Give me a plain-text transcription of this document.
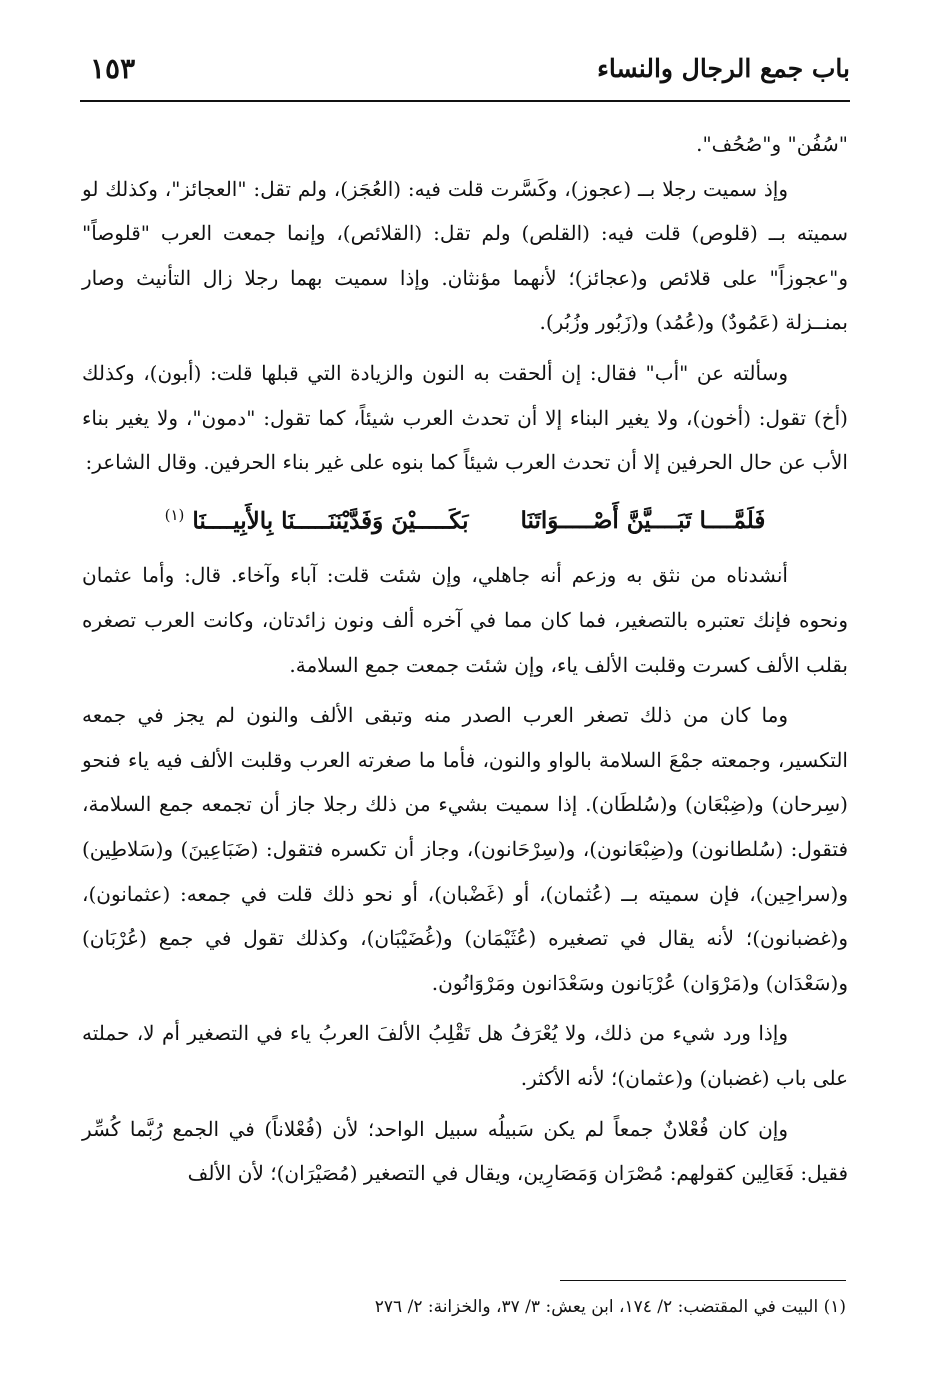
باب جمع الرجال والنساء
١٥٣

"سُفُن" و"صُحُف".

وإذ سميت رجلا بــ (عجوز)، وكَسَّرت قلت فيه: (العُجَز)، ولم تقل: "العجائز"، وكذلك لو سميته بــ (قلوص) قلت فيه: (القلص) ولم تقل: (القلائص)، وإنما جمعت العرب "قلوصاً" و"عجوزاً" على قلائص و(عجائز)؛ لأنهما مؤنثان. وإذا سميت بهما رجلا زال التأنيث وصار بمنــزلة (عَمُودٌ) و(عُمُد) و(زَبُور وزُبُر).

وسألته عن "أب" فقال: إن ألحقت به النون والزيادة التي قبلها قلت: (أبون)، وكذلك (أخ) تقول: (أخون)، ولا يغير البناء إلا أن تحدث العرب شيئاً، كما تقول: "دمون"، ولا يغير بناء الأب عن حال الحرفين إلا أن تحدث العرب شيئاً كما بنوه على غير بناء الحرفين. وقال الشاعر:

فَلَمَّــــا تَبَــــيَّنَّ أَصْـــــوَاتَنَابَكَـــــيْنَ وَفَدَّيْنَنَـــــنَا بِالأَبِيــــنَا $^{(١)}$

أنشدناه من نثق به وزعم أنه جاهلي، وإن شئت قلت: آباء وآخاء. قال: وأما عثمان ونحوه فإنك تعتبره بالتصغير، فما كان مما في آخره ألف ونون زائدتان، وكانت العرب تصغره بقلب الألف كسرت وقلبت الألف ياء، وإن شئت جمعت جمع السلامة.

وما كان من ذلك تصغر العرب الصدر منه وتبقى الألف والنون لم يجز في جمعه التكسير، وجمعته جمْعَ السلامة بالواو والنون، فأما ما صغرته العرب وقلبت الألف فيه ياء فنحو (سِرحان) و(ضِبْعَان) و(سُلطَان). إذا سميت بشيء من ذلك رجلا جاز أن تجمعه جمع السلامة، فتقول: (سُلطانون) و(ضِبْعَانون)، و(سِرْحَانون)، وجاز أن تكسره فتقول: (ضَبَاعِينَ) و(سَلاطِين) و(سراحِين)، فإن سميته بــ (عُثمان)، أو (غَضْبان)، أو نحو ذلك قلت في جمعه: (عثمانون)، و(غضبانون)؛ لأنه يقال في تصغيره (عُثَيْمَان) و(غُضَيْبَان)، وكذلك تقول في جمع (عُرْبَان) و(سَعْدَان) و(مَرْوَان) عُرْبَانون وسَعْدَانون ومَرْوَانُون.

وإذا ورد شيء من ذلك، ولا يُعْرَفُ هل تَقْلِبُ الألفَ العربُ ياء في التصغير أم لا، حملته على باب (غضبان) و(عثمان)؛ لأنه الأكثر.

وإن كان فُعْلانٌ جمعاً لم يكن سَبيلُه سبيل الواحد؛ لأن (فُعْلاناً) في الجمع رُبَّما كُسِّر فقيل: فَعَالِين كقولهم: مُصْرَان وَمَصَارِين، ويقال في التصغير (مُصَيْرَان)؛ لأن الألف

(١) البيت في المقتضب: ٢/ ١٧٤، ابن يعش: ٣/ ٣٧، والخزانة: ٢/ ٢٧٦
